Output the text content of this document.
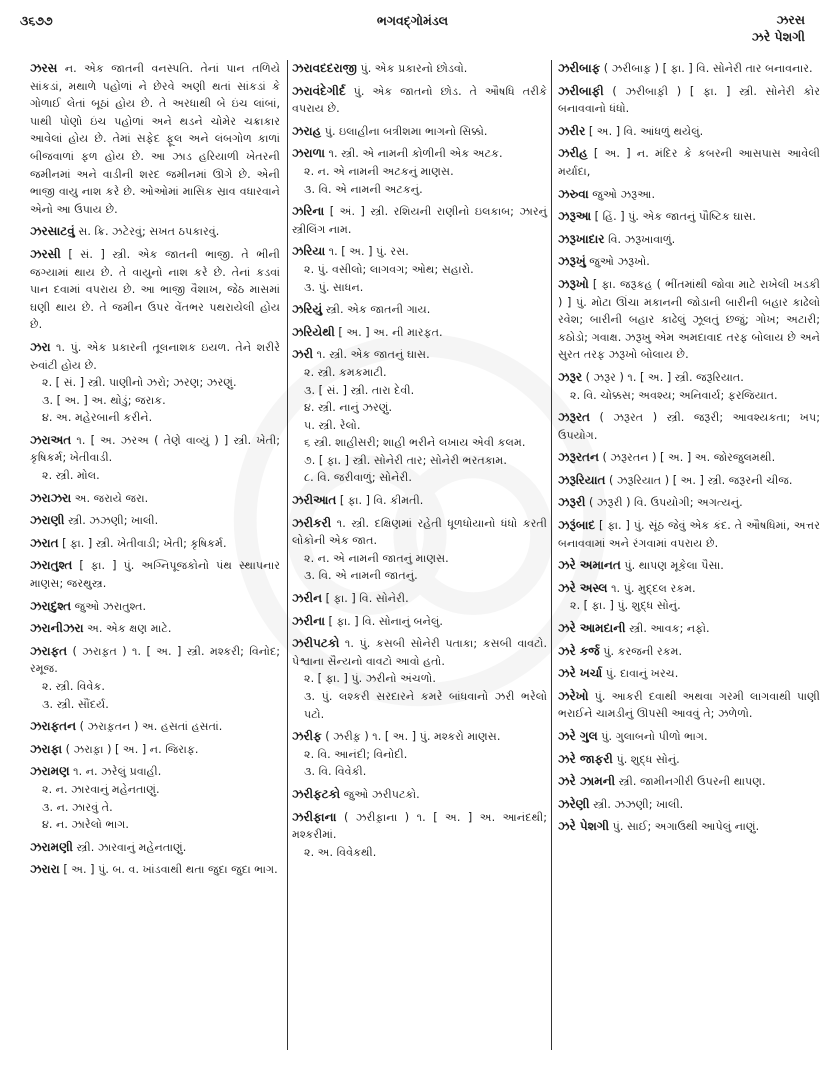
૩૬૭૭	ભગવદ્ગોમંડલ	ઝરસ
ઝરે પેશગી
ઝરસ ન. એક જાતની વનસ્પતિ. તેનાં પાન તળિયે સાંકડાં, મથાળે પહોળાં ને છેરવે અણી થતાં સાંકડાં કે ગોળાઈ લેતાં બૂઠાં હોય છે. તે અરધાથી બે ઇંચ લાંબાં, પાથી પોણો ઇંચ પહોળાં અને થડને ચોમેર ચક્રાકાર આવેલાં હોય છે. તેમાં સફેદ ફૂલ અને લંબગોળ કાળાં બીજવાળાં ફળ હોય છે. આ ઝાડ હરિયાળી ખેતરની જમીનમાં અને વાડીની શરદ જમીનમાં ઊગે છે. એની ભાજી વાયુ નાશ કરે છે. ઓઓમાં માસિક સ્રાવ વધારવાને એનો આ ઉપાય છે.
ઝરસાટવું સ. ક્રિ. ઝટેરવું; સખત ઠપકારવું.
ઝરસી [ સં. ] સ્ત્રી. એક જાતની ભાજી. તે ભીની જગ્યામાં થાય છે. તે વાયુનો નાશ કરે છે. તેનાં કડવાં પાન દવામાં વપરાય છે. આ ભાજી વૈશાખ, જેઠ માસમાં ઘણી થાય છે. તે જમીન ઉપર વેંતભર પથરાયેલી હોય છે.
ઝરા ૧. પું. એક પ્રકારની તૂલનાશક ઇયળ. તેને શરીરે રુવાંટી હોય છે.
૨. [ સં. ] સ્ત્રી. પાણીનો ઝરો; ઝરણ; ઝરણું.
૩. [ અ. ] અ. થોડું; જરાક.
૪. અ. મહેરબાની કરીને.
ઝરાઅત ૧. [ અ. ઝરઅ ( તેણે વાવ્યું ) ] સ્ત્રી. ખેતી; કૃષિકર્મ; ખેતીવાડી.
૨. સ્ત્રી. મોલ.
ઝરાઝરા અ. જરાયે જરા.
ઝરાણી સ્ત્રી. ઝઝણી; ખાલી.
ઝરાત [ ફા. ] સ્ત્રી. ખેતીવાડી; ખેતી; કૃષિકર્મ.
ઝરાતુશ્ત [ ફા. ] પું. અગ્નિપૂજકોનો પંથ સ્થાપનાર માણસ; જરથુસ્ત્ર.
ઝરાદુશ્ત જુઓ ઝરાતુશ્ત.
ઝરાનીઝરા અ. એક ક્ષણ માટે.
ઝરાફત ( ઝરાફ઼ત ) ૧. [ અ. ] સ્ત્રી. મશ્કરી; વિનોદ; રમૂજ.
૨. સ્ત્રી. વિવેક.
૩. સ્ત્રી. સૌંદર્ય.
ઝરાફતન ( ઝરાફ઼તન ) અ. હસતાં હસતાં.
ઝરાફા ( ઝરાફ઼ા ) [ અ. ] ન. જિરાફ.
ઝરામણ ૧. ન. ઝરેલું પ્રવાહી.
૨. ન. ઝારવાનું મહેનતાણું.
૩. ન. ઝારવું તે.
૪. ન. ઝારેલો ભાગ.
ઝરામણી સ્ત્રી. ઝારવાનું મહેનતાણું.
ઝરારા [ અ. ] પું. બ. વ. ખાંડવાથી થતા જુદા જુદા ભાગ.
ઝરાવદદરાજી પું. એક પ્રકારનો છોડવો.
ઝરાવંદેગીર્દ પું. એક જાતનો છોડ. તે ઔષધિ તરીકે વપરાય છે.
ઝરાહ પું. ઇલાહીના બત્રીશમા ભાગનો સિક્કો.
ઝરાળા ૧. સ્ત્રી. એ નામની કોળીની એક અટક.
૨. ન. એ નામની અટકનું માણસ.
૩. વિ. એ નામની અટકનું.
ઝરિના [ અં. ] સ્ત્રી. રશિયની રાણીનો ઇલકાબ; ઝારનું સ્ત્રીલિંગ નામ.
ઝરિયા ૧. [ અ. ] પું. રસ.
૨. પું. વસીલો; લાગવગ; ઓથ; સહારો.
૩. પું. સાધન.
ઝરિયું સ્ત્રી. એક જાતની ગાય.
ઝરિયેથી [ અ. ] અ. ની મારફત.
ઝરી ૧. સ્ત્રી. એક જાતનું ઘાસ.
૨. સ્ત્રી. કમકમાટી.
૩. [ સં. ] સ્ત્રી. તારા દેવી.
૪. સ્ત્રી. નાનું ઝરણું.
૫. સ્ત્રી. રેલો.
૬ સ્ત્રી. શાહીસરી; શાહી ભરીને લખાય એવી કલમ.
૭. [ ફા. ] સ્ત્રી. સોનેરી તાર; સોનેરી ભરતકામ.
૮. વિ. જરીવાળું; સોનેરી.
ઝરીઆત [ ફા. ] વિ. કીમતી.
ઝરીકરી ૧. સ્ત્રી. દક્ષિણમાં રહેતી ધૂળધોયાનો ધંધો કરતી લોકોની એક જાત.
૨. ન. એ નામની જાતનું માણસ.
૩. વિ. એ નામની જાતનું.
ઝરીન [ ફા. ] વિ. સોનેરી.
ઝરીના [ ફા. ] વિ. સોનાનું બનેલું.
ઝરીપટકો ૧. પું. કસબી સોનેરી પતાકા; કસબી વાવટો. પેશ્વાના સૈન્યનો વાવટો આવો હતો.
૨. [ ફા. ] પું. ઝરીનો અંચળો.
૩. પું. લશ્કરી સરદારને કમરે બાંધવાનો ઝરી ભરેલો પટો.
ઝરીફ ( ઝરીફ઼ ) ૧. [ અ. ] પું. મશ્કરો માણસ.
૨. વિ. આનંદી; વિનોદી.
૩. વિ. વિવેકી.
ઝરીફટકો જુઓ ઝરીપટકો.
ઝરીફાના ( ઝરીફ઼ાના ) ૧. [ અ. ] અ. આનંદથી; મશ્કરીમાં.
૨. અ. વિવેકથી.
ઝરીબાફ ( ઝરીબાફ઼ ) [ ફા. ] વિ. સોનેરી તાર બનાવનાર.
ઝરીબાફી ( ઝરીબાફ઼ી ) [ ફા. ] સ્ત્રી. સોનેરી કોર બનાવવાનો ધંધો.
ઝરીર [ અ. ] વિ. આંધળું થયેલું.
ઝરીહ [ અ. ] ન. મંદિર કે કબરની આસપાસ આવેલી મર્યાદા,
ઝરુવા જુઓ ઝરૂઆ.
ઝરૂઆ [ હિં. ] પું. એક જાતનું પૌષ્ટિક ઘાસ.
ઝરૂખાદાર વિ. ઝરૂખાવાળું.
ઝરૂખું જુઓ ઝરૂખો.
ઝરૂખો [ ફા. જરૂકહ ( ભીંતમાંથી જોવા માટે રાખેલી ખડકી ) ] પું. મોટા ઊંચા મકાનની જોડાની બારીની બહાર કાઢેલો રવેશ; બારીની બહાર કાઢેલું ઝૂલતું છજું; ગોખ; અટારી; કઠોડો; ગવાક્ષ. ઝરૂખુ એમ અમદાવાદ તરફ બોલાય છે અને સુરત તરફ ઝરૂખો બોલાય છે.
ઝરૂર ( ઝરૂર ) ૧. [ અ. ] સ્ત્રી. જરૂરિયાત.
૨. વિ. ચોક્કસ; અવશ્ય; અનિવાર્ય; ફરજિયાત.
ઝરૂરત ( ઝરૂરત ) સ્ત્રી. જરૂરી; આવશ્યકતા; ખપ; ઉપયોગ.
ઝરૂરતન ( ઝરૂરતન ) [ અ. ] અ. જોરજુલમથી.
ઝરૂરિયાત ( ઝરૂરિયાત ) [ અ. ] સ્ત્રી. જરૂરની ચીજ.
ઝરૂરી ( ઝરૂરી ) વિ. ઉપયોગી; અગત્યનું.
ઝરૂંબાદ [ ફા. ] પું. સૂંઠ જેવું એક કંદ. તે ઔષધિમાં, અત્તર બનાવવામાં અને રંગવામાં વપરાય છે.
ઝરે અમાનત પું. થાપણ મૂકેલા પૈસા.
ઝરે અસ્લ ૧. પું. મુદ્દલ રકમ.
૨. [ ફા. ] પું. શુદ્ધ સોનું.
ઝરે આમદાની સ્ત્રી. આવક; નફો.
ઝરે કર્જ પું. કરજની રકમ.
ઝરે ખર્ચા પું. દાવાનું ખરચ.
ઝરેખો પું. આકરી દવાથી અથવા ગરમી લાગવાથી પાણી ભરાઈને ચામડીનું ઊપસી આવવું તે; ઝળેળો.
ઝરે ગુલ પું. ગુલાબનો પીળો ભાગ.
ઝરે જાફરી પું. શુદ્ધ સોનું.
ઝરે ઝામની સ્ત્રી. જામીનગીરી ઉપરની થાપણ.
ઝરેણી સ્ત્રી. ઝઝણી; ખાલી.
ઝરે પેશગી પું. સાઈ; અગાઉથી આપેલું નાણું.
